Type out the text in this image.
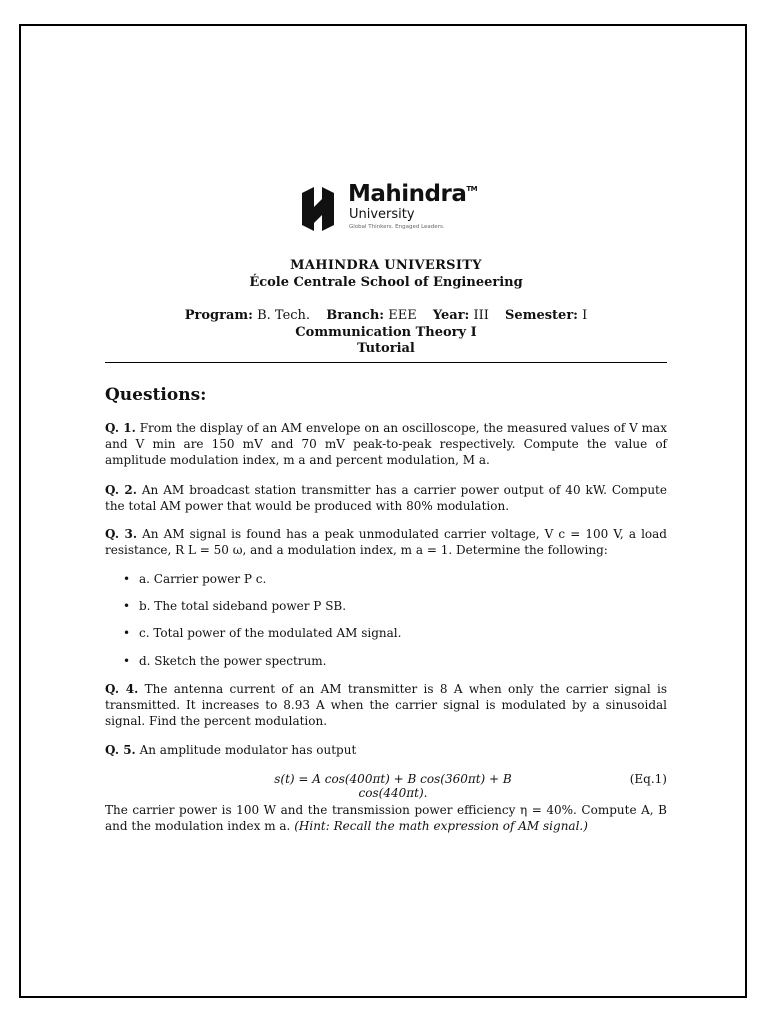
Mahindra™
University
Global Thinkers. Engaged Leaders.
MAHINDRA UNIVERSITY
École Centrale School of Engineering
Program: B. Tech. Branch: EEE Year: III Semester: I
Communication Theory I
Tutorial
Questions:
Q. 1. From the display of an AM envelope on an oscilloscope, the measured values of V max and V min are 150 mV and 70 mV peak-to-peak respectively. Compute the value of amplitude modulation index, m a and percent modulation, M a.
Q. 2. An AM broadcast station transmitter has a carrier power output of 40 kW. Compute the total AM power that would be produced with 80% modulation.
Q. 3. An AM signal is found has a peak unmodulated carrier voltage, V c = 100 V, a load resistance, R L = 50 ω, and a modulation index, m a = 1. Determine the following:
• a. Carrier power P c.
• b. The total sideband power P SB.
• c. Total power of the modulated AM signal.
• d. Sketch the power spectrum.
Q. 4. The antenna current of an AM transmitter is 8 A when only the carrier signal is transmitted. It increases to 8.93 A when the carrier signal is modulated by a sinusoidal signal. Find the percent modulation.
Q. 5. An amplitude modulator has output
s(t) = A cos(400πt) + B cos(360πt) + B cos(440πt).
(Eq.1)
The carrier power is 100 W and the transmission power efficiency η = 40%. Compute A, B and the modulation index m a. (Hint: Recall the math expression of AM signal.)
